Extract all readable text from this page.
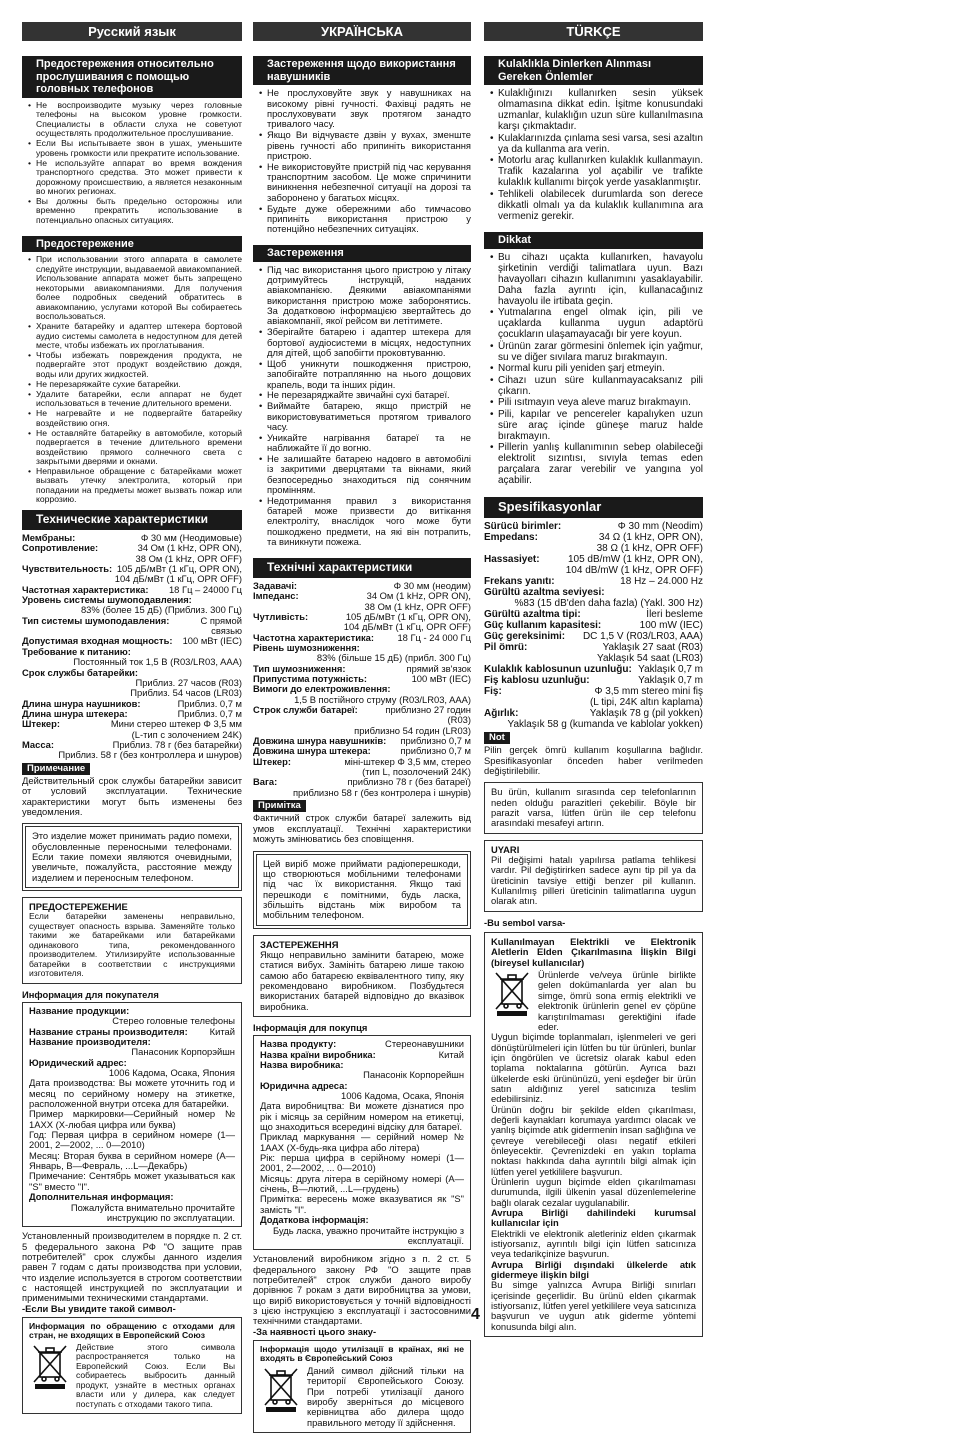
Русский язык
Предостережения относительно прослушивания с помощью головных телефонов
• Не воспроизводите музыку через головные телефоны на высоком уровне громкости. Специалисты в области слуха не советуют осуществлять продолжительное прослушивание.
• Если Вы испытываете звон в ушах, уменьшите уровень громкости или прекратите использование.
• Не используйте аппарат во время вождения транспортного средства. Это может привести к дорожному происшествию, а является незаконным во многих регионах.
• Вы должны быть предельно осторожны или временно прекратить использование в потенциально опасных ситуациях.
Предостережение
• При использовании этого аппарата в самолете следуйте инструкции, выдаваемой авиакомпанией. Использование аппарата может быть запрещено некоторыми авиакомпаниями. Для получения более подробных сведений обратитесь в авиакомпанию, услугами которой Вы собираетесь воспользоваться.
• Храните батарейку и адаптер штекера бортовой аудио системы самолета в недоступном для детей месте, чтобы избежать их проглатывания.
• Чтобы избежать повреждения продукта, не подвергайте этот продукт воздействию дождя, воды или других жидкостей.
• Не перезаряжайте сухие батарейки.
• Удалите батарейки, если аппарат не будет использоваться в течение длительного времени.
• Не нагревайте и не подвергайте батарейку воздействию огня.
• Не оставляйте батарейку в автомобиле, который подвергается в течение длительного времени воздействию прямого солнечного света с закрытыми дверями и окнами.
• Неправильное обращение с батарейками может вызвать утечку электролита, который при попадании на предметы может вызвать пожар или коррозию.
Технические характеристики
Мембраны:	Φ 30 мм (Неодимовые)
Сопротивление:	34 Ом (1 kHz, OPR ON),
38 Ом (1 kHz, OPR OFF)
Чувствительность: 105 дБ/мВт (1 кГц, OPR ON),
104 дБ/мВт (1 кГц, OPR OFF)
Частотная характеристика:	18 Гц – 24000 Гц
Уровень системы шумоподавления:
83% (более 15 дБ) (Приблиз. 300 Гц)
Тип системы шумоподавления:	С прямой связью
Допустимая входная мощность:	100 мВт (IEC)
Требование к питанию:
Постоянный ток 1,5 В (R03/LR03, AAA)
Срок службы батарейки:
Приблиз. 27 часов (R03)
Приблиз. 54 часов (LR03)
Длина шнура наушников:	Приблиз. 0,7 м
Длина шнура штекера:	Приблиз. 0,7 м
Штекер:	Мини стерео штекер Φ 3,5 мм
(L-тип с золочением 24K)
Масса:	Приблиз. 78 г (без батарейки)
Приблиз. 58 г (без контроллера и шнуров)
Примечание
Действительный срок службы батарейки зависит от условий эксплуатации. Технические характеристики могут быть изменены без уведомления.
Это изделие может принимать радио помехи, обусловленные переносными телефонами. Если такие помехи являются очевидными, увеличьте, пожалуйста, расстояние между изделием и переносным телефоном.
ПРЕДОСТЕРЕЖЕНИЕ
Если батарейки заменены неправильно, существует опасность взрыва. Заменяйте только такими же батарейками или батарейками одинакового типа, рекомендованного производителем. Утилизируйте использованные батарейки в соответствии с инструкциями изготовителя.
Информация для покупателя
Название продукции:
Стерео головные телефоны
Название страны производителя:	Китай
Название производителя:
Панасоник Корпорэйшн
Юридический адрес:
1006 Кадома, Осака, Япония
Дата производства: Вы можете уточнить год и месяц по серийному номеру на этикетке, расположенной внутри отсека для батарейки.
Пример маркировки—Серийный номер № 1АХХ (Х-любая цифра или буква)
Год: Первая цифра в серийном номере (1—2001, 2—2002, ... 0—2010)
Месяц: Вторая буква в серийном номере (А—Январь, В—Февраль, ...L—Декабрь)
Примечание: Сентябрь может указываться как "S" вместо "I".
Дополнительная информация:
Пожалуйста внимательно прочитайте инструкцию по эксплуатации.
Установленный производителем в порядке п. 2 ст. 5 федерального закона РФ "О защите прав потребителей" срок службы данного изделия равен 7 годам с даты производства при условии, что изделие используется в строгом соответствии с настоящей инструкцией по эксплуатации и применимыми техническими стандартами.
-Если Вы увидите такой символ-
Информация по обращению с отходами для стран, не входящих в Европейский Союз
Действие этого символа распространяется только на Европейский Союз. Если Вы собираетесь выбросить данный продукт, узнайте в местных органах власти или у дилера, как следует поступать с отходами такого типа.
УКРАЇНСЬКА
Застереження щодо використання навушників
• Не прослуховуйте звук у навушниках на високому рівні гучності. Фахівці радять не прослуховувати звук протягом занадто тривалого часу.
• Якщо Ви відчуваєте дзвін у вухах, зменште рівень гучності або припиніть використання пристрою.
• Не використовуйте пристрій під час керування транспортним засобом. Це може спричинити виникнення небезпечної ситуації на дорозі та заборонено у багатьох місцях.
• Будьте дуже обережними або тимчасово припиніть використання пристрою у потенційно небезпечних ситуаціях.
Застереження
• Під час використання цього пристрою у літаку дотримуйтесь інструкцій, наданих авіакомпанією. Деякими авіакомпаніями використання пристрою може заборонятись. За додатковою інформацією звертайтесь до авіакомпанії, якої рейсом ви летітимете.
• Зберігайте батарею і адаптер штекера для бортової аудіосистеми в місцях, недоступних для дітей, щоб запобігти проковтуванню.
• Щоб уникнути пошкодження пристрою, запобігайте потраплянню на нього дощових крапель, води та інших рідин.
• Не перезаряджайте звичайні сухі батареї.
• Виймайте батарею, якщо пристрій не використовуватиметься протягом тривалого часу.
• Уникайте нагрівання батареї та не наближайте її до вогню.
• Не залишайте батарею надовго в автомобілі із закритими дверцятами та вікнами, який безпосередньо знаходиться під сонячним промінням.
• Недотримання правил з використання батарей може призвести до витікання електроліту, внаслідок чого може бути пошкоджено предмети, на які він потрапить, та виникнути пожежа.
Технічні характеристики
Задавачі:	Φ 30 мм (неодим)
Імпеданс:	34 Ом (1 kHz, OPR ON),
38 Ом (1 kHz, OPR OFF)
Чутливість:	105 дБ/мВт (1 кГц, OPR ON),
104 дБ/мВт (1 кГц, OPR OFF)
Частотна характеристика:	18 Гц - 24 000 Гц
Рівень шумозниження:
83% (більше 15 дБ) (прибл. 300 Гц)
Тип шумозниження:	прямий зв'язок
Припустима потужність:	100 мВт (IEC)
Вимоги до електроживлення:
1,5 В постійного струму (R03/LR03, AAA)
Строк служби батареї:	приблизно 27 годин (R03)
приблизно 54 годин (LR03)
Довжина шнура навушників:	приблизно 0,7 м
Довжина шнура штекера:	приблизно 0,7 м
Штекер:	міні-штекер Φ 3,5 мм, стерео
(тип L, позолочений 24K)
Вага:	приблизно 78 г (без батареї)
приблизно 58 г (без контролера і шнурів)
Примітка
Фактичний строк служби батареї залежить від умов експлуатації. Технічні характеристики можуть змінюватись без сповіщення.
Цей виріб може приймати радіоперешкоди, що створюються мобільними телефонами під час їх використання. Якщо такі перешкоди є помітними, будь ласка, збільшіть відстань між виробом та мобільним телефоном.
ЗАСТЕРЕЖЕННЯ
Якщо неправильно замінити батарею, може статися вибух. Замініть батарею лише такою самою або батареєю еквівалентного типу, яку рекомендовано виробником. Позбудьтеся використаних батарей відповідно до вказівок виробника.
Інформація для покупця
Назва продукту:	Стереонавушники
Назва країни виробника:	Китай
Назва виробника:
Панасонік Корпорейшн
Юридична адреса:
1006 Кадома, Осака, Японія
Дата виробництва: Ви можете дізнатися про рік і місяць за серійним номером на етикетці, що знаходиться всередині відсіку для батареї.
Приклад маркування — серійний номер № 1ААХ (Х-будь-яка цифра або літера)
Рік: перша цифра в серійному номері (1—2001, 2—2002, ... 0—2010)
Місяць: друга літера в серійному номері (А—січень, В—лютий, ...L—грудень)
Примітка: вересень може вказуватися як "S" замість "I".
Додаткова інформація:
Будь ласка, уважно прочитайте інструкцію з експлуатації.
Установлений виробником згідно з п. 2 ст. 5 федерального закону РФ "О защите прав потребителей" строк служби даного виробу дорівнює 7 рокам з дати виробництва за умови, що виріб використовується у точній відповідності з цією інструкцією з експлуатації і застосовними технічними стандартами.
-За наявності цього знаку-
Інформація щодо утилізації в країнах, які не входять в Європейський Союз
Даний символ дійсний тільки на території Європейського Союзу. При потребі утилізації даного виробу зверніться до місцевого керівництва або дилера щодо правильного методу її здійснення.
TÜRKÇE
Kulaklıkla Dinlerken Alınması Gereken Önlemler
• Kulaklığınızı kullanırken sesin yüksek olmamasına dikkat edin. İşitme konusundaki uzmanlar, kulaklığın uzun süre kullanılmasına karşı çıkmaktadır.
• Kulaklarınızda çınlama sesi varsa, sesi azaltın ya da kullanma ara verin.
• Motorlu araç kullanırken kulaklık kullanmayın. Trafik kazalarına yol açabilir ve trafikte kulaklık kullanımı birçok yerde yasaklanmıştır.
• Tehlikeli olabilecek durumlarda son derece dikkatli olmalı ya da kulaklık kullanımına ara vermeniz gerekir.
Dikkat
• Bu cihazı uçakta kullanırken, havayolu şirketinin verdiği talimatlara uyun. Bazı havayolları cihazın kullanımını yasaklayabilir. Daha fazla ayrıntı için, kullanacağınız havayolu ile irtibata geçin.
• Yutmalarına engel olmak için, pili ve uçaklarda kullanma uygun adaptörü çocukların ulaşamayacağı bir yere koyun.
• Ürünün zarar görmesini önlemek için yağmur, su ve diğer sıvılara maruz bırakmayın.
• Normal kuru pili yeniden şarj etmeyin.
• Cihazı uzun süre kullanmayacaksanız pili çıkarın.
• Pili ısıtmayın veya aleve maruz bırakmayın.
• Pili, kapılar ve pencereler kapalıyken uzun süre araç içinde güneşe maruz halde bırakmayın.
• Pillerin yanlış kullanımının sebep olabileceği elektrolit sızıntısı, sıvıyla temas eden parçalara zarar verebilir ve yangına yol açabilir.
Spesifikasyonlar
Sürücü birimler:	Φ 30 mm (Neodim)
Empedans:	34 Ω (1 kHz, OPR ON),
38 Ω (1 kHz, OPR OFF)
Hassasiyet:	105 dB/mW (1 kHz, OPR ON),
104 dB/mW (1 kHz, OPR OFF)
Frekans yanıtı:	18 Hz – 24.000 Hz
Gürültü azaltma seviyesi:
%83 (15 dB'den daha fazla) (Yakl. 300 Hz)
Gürültü azaltma tipi:	İleri besleme
Güç kullanım kapasitesi:	100 mW (IEC)
Güç gereksinimi:	DC 1,5 V (R03/LR03, AAA)
Pil ömrü:	Yaklaşık 27 saat (R03)
Yaklaşık 54 saat (LR03)
Kulaklık kablosunun uzunluğu: Yaklaşık 0,7 m
Fiş kablosu uzunluğu:	Yaklaşık 0,7 m
Fiş:	Φ 3,5 mm stereo mini fiş
(L tipi, 24K altın kaplama)
Ağırlık:	Yaklaşık 78 g (pil yokken)
Yaklaşık 58 g (kumanda ve kablolar yokken)
Not
Pilin gerçek ömrü kullanım koşullarına bağlıdır. Spesifikasyonlar önceden haber verilmeden değiştirilebilir.
Bu ürün, kullanım sırasında cep telefonlarının neden olduğu parazitleri çekebilir. Böyle bir parazit varsa, lütfen ürün ile cep telefonu arasındaki mesafeyi artırın.
UYARI
Pil değişimi hatalı yapılırsa patlama tehlikesi vardır. Pil değiştirirken sadece aynı tip pil ya da üreticinin tavsiye ettiği benzer pil kullanın. Kullanılmış pilleri üreticinin talimatlarına uygun olarak atın.
-Bu sembol varsa-
Kullanılmayan Elektrikli ve Elektronik Aletlerin Elden Çıkarılmasına İlişkin Bilgi (bireysel kullanıcılar)
Ürünlerde ve/veya ürünle birlikte gelen dokümanlarda yer alan bu simge, ömrü sona ermiş elektrikli ve elektronik ürünlerin genel ev çöpüne karıştırılmaması gerektiğini ifade eder.
Uygun biçimde toplanmaları, işlenmeleri ve geri dönüştürülmeleri için lütfen bu tür ürünleri, bunlar için öngörülen ve ücretsiz olarak kabul eden toplama noktalarına götürün. Ayrıca bazı ülkelerde eski ürününüzü, yeni eşdeğer bir ürün satın aldığınız yerel satıcınıza teslim edebilirsiniz.
Ürünün doğru bir şekilde elden çıkarılması, değerli kaynakları korumaya yardımcı olacak ve yanlış biçimde atık gidermenin insan sağlığına ve çevreye verebileceği olası negatif etkileri önleyecektir. Çevrenizdeki en yakın toplama noktası hakkında daha ayrıntılı bilgi almak için lütfen yerel yetkililere başvurun.
Ürünlerin uygun biçimde elden çıkarılmaması durumunda, ilgili ülkenin yasal düzenlemelerine bağlı olarak cezalar uygulanabilir.
Avrupa Birliği dahilindeki kurumsal kullanıcılar için
Elektrikli ve elektronik aletleriniz elden çıkarmak istiyorsanız, ayrıntılı bilgi için lütfen satıcınıza veya tedarikçinize başvurun.
Avrupa Birliği dışındaki ülkelerde atık gidermeye ilişkin bilgi
Bu simge yalnızca Avrupa Birliği sınırları içerisinde geçerlidir. Bu ürünü elden çıkarmak istiyorsanız, lütfen yerel yetkililere veya satıcınıza başvurun ve uygun atık giderme yöntemi konusunda bilgi alın.
4
